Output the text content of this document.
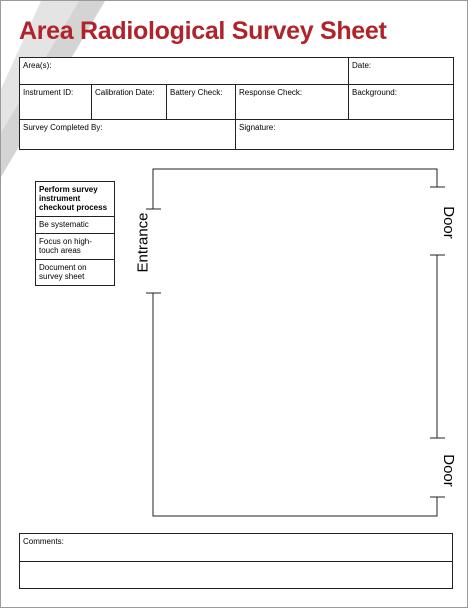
Area Radiological Survey Sheet
Area(s):				Date:
Instrument ID:	Calibration Date:	Battery Check:	Response Check:	Background:
Survey Completed By:			Signature:	
Perform survey instrument checkout process
Be systematic
Focus on high-touch areas
Document on survey sheet
Entrance	Door
Door
Comments:
